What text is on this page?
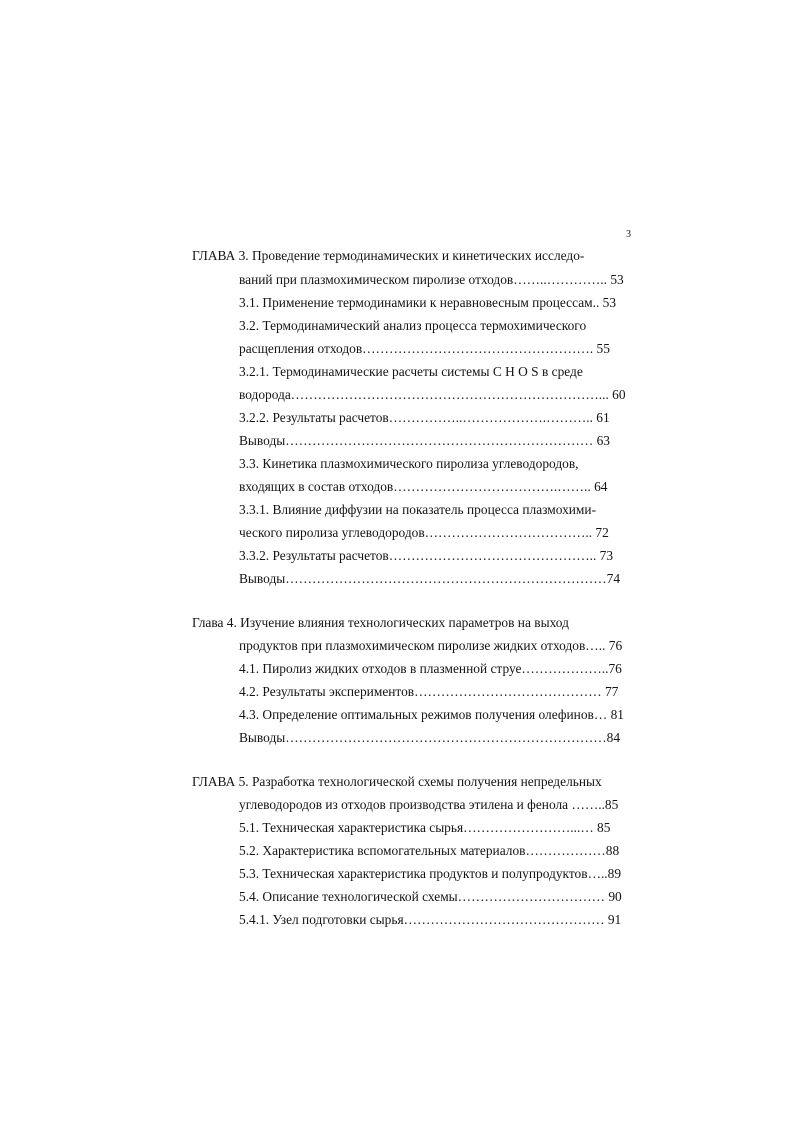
3
ГЛАВА 3. Проведение термодинамических и кинетических исследо-
ваний при плазмохимическом пиролизе отходов……..………….. 53
3.1. Применение термодинамики к неравновесным процессам.. 53
3.2. Термодинамический анализ процесса термохимического
расщепления отходов……………………………………………. 55
3.2.1. Термодинамические расчеты системы C H O S в среде
водорода……………………………………………………………... 60
3.2.2. Результаты расчетов……………..……………….……….. 61
Выводы…………………………………………………………… 63
3.3. Кинетика плазмохимического пиролиза углеводородов,
входящих в состав отходов……………………………….…….. 64
3.3.1. Влияние диффузии на показатель процесса плазмохими-
ческого пиролиза углеводородов……………………………….. 72
3.3.2. Результаты расчетов……………………………………….. 73
Выводы………………………………………………………………74
Глава 4. Изучение влияния технологических параметров на выход
продуктов при плазмохимическом пиролизе жидких отходов….. 76
4.1. Пиролиз жидких отходов в плазменной струе………………..76
4.2. Результаты экспериментов…………………………………… 77
4.3. Определение оптимальных режимов получения олефинов… 81
Выводы………………………………………………………………84
ГЛАВА 5. Разработка технологической схемы получения непредельных
углеводородов из отходов производства этилена и фенола ……..85
5.1. Техническая характеристика сырья……………………...… 85
5.2. Характеристика вспомогательных материалов………………88
5.3. Техническая характеристика продуктов и полупродуктов…..89
5.4. Описание технологической схемы…………………………… 90
5.4.1. Узел подготовки сырья……………………………………… 91
